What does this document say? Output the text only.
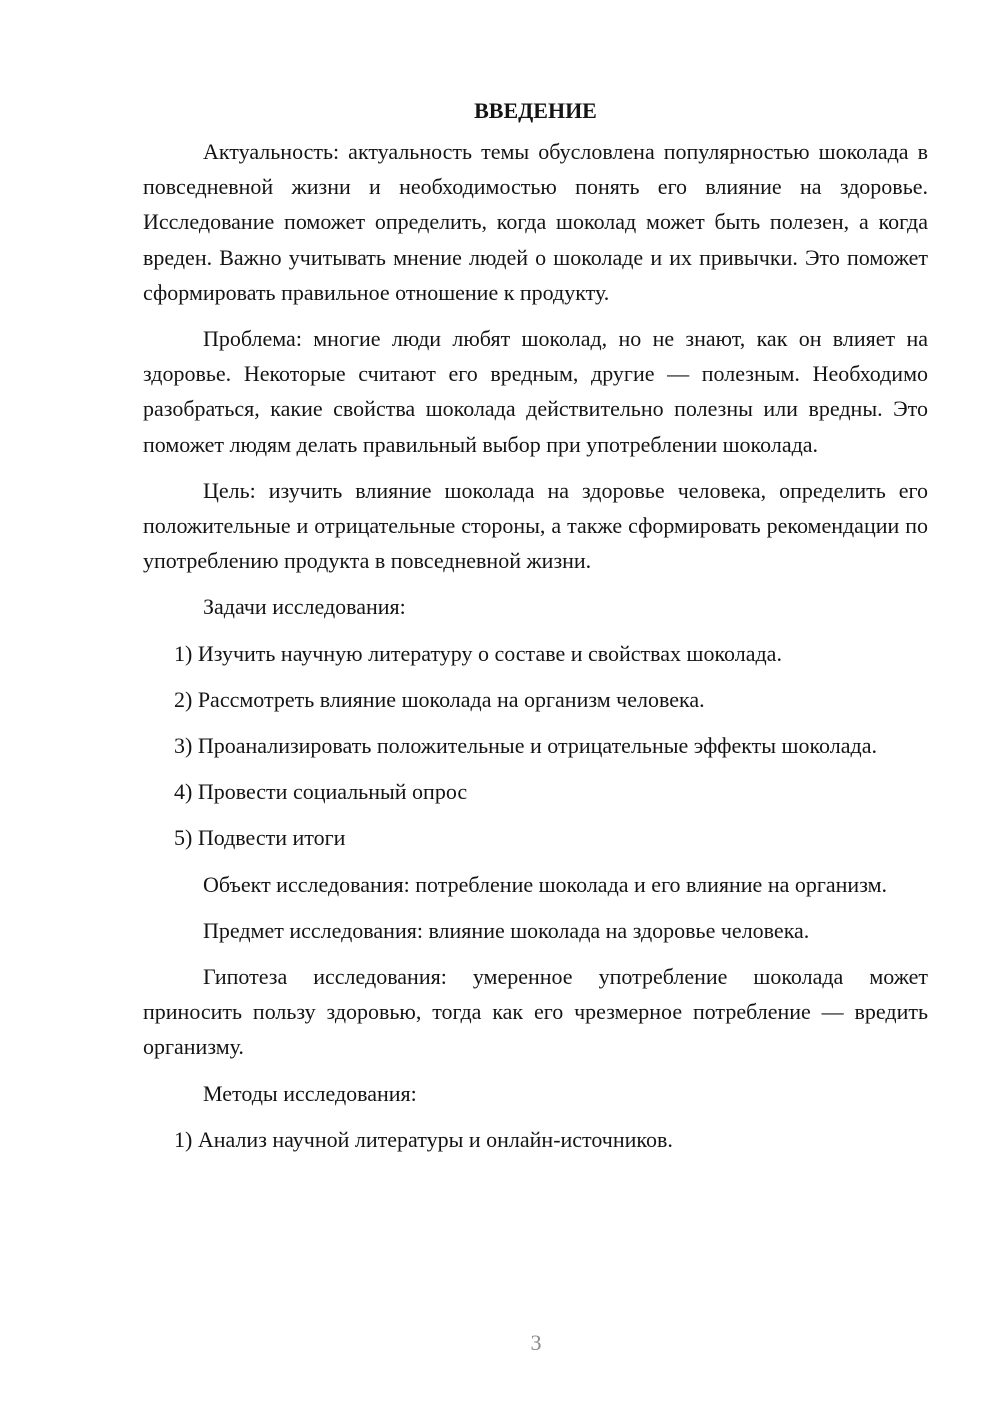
ВВЕДЕНИЕ

Актуальность: актуальность темы обусловлена популярностью шоколада в повседневной жизни и необходимостью понять его влияние на здоровье. Исследование поможет определить, когда шоколад может быть полезен, а когда вреден. Важно учитывать мнение людей о шоколаде и их привычки. Это поможет сформировать правильное отношение к продукту.

Проблема: многие люди любят шоколад, но не знают, как он влияет на здоровье. Некоторые считают его вредным, другие — полезным. Необходимо разобраться, какие свойства шоколада действительно полезны или вредны. Это поможет людям делать правильный выбор при употреблении шоколада.

Цель: изучить влияние шоколада на здоровье человека, определить его положительные и отрицательные стороны, а также сформировать рекомендации по употреблению продукта в повседневной жизни.

Задачи исследования:

1) Изучить научную литературу о составе и свойствах шоколада.

2) Рассмотреть влияние шоколада на организм человека.

3) Проанализировать положительные и отрицательные эффекты шоколада.

4) Провести социальный опрос

5) Подвести итоги

Объект исследования: потребление шоколада и его влияние на организм.

Предмет исследования: влияние шоколада на здоровье человека.

Гипотеза исследования: умеренное употребление шоколада может приносить пользу здоровью, тогда как его чрезмерное потребление — вредить организму.

Методы исследования:

1) Анализ научной литературы и онлайн-источников.

3
